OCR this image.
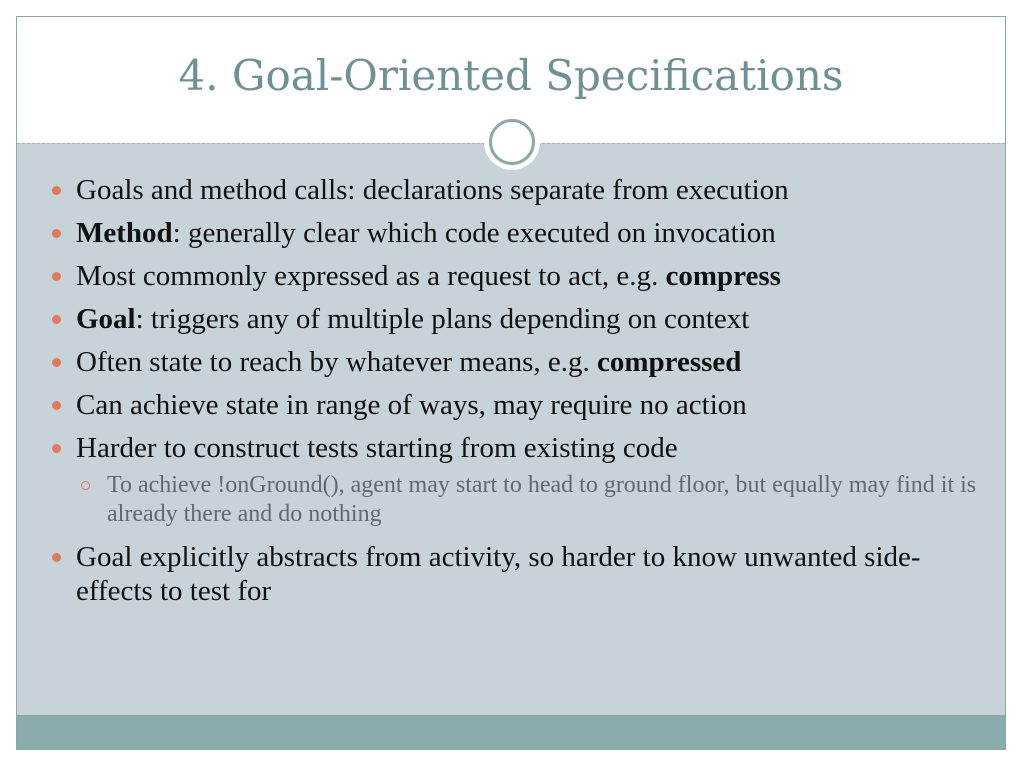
4. Goal-Oriented Specifications
Goals and method calls: declarations separate from execution
Method: generally clear which code executed on invocation
Most commonly expressed as a request to act, e.g. compress
Goal: triggers any of multiple plans depending on context
Often state to reach by whatever means, e.g. compressed
Can achieve state in range of ways, may require no action
Harder to construct tests starting from existing code
To achieve !onGround(), agent may start to head to ground floor, but equally may find it is already there and do nothing
Goal explicitly abstracts from activity, so harder to know unwanted side-effects to test for
